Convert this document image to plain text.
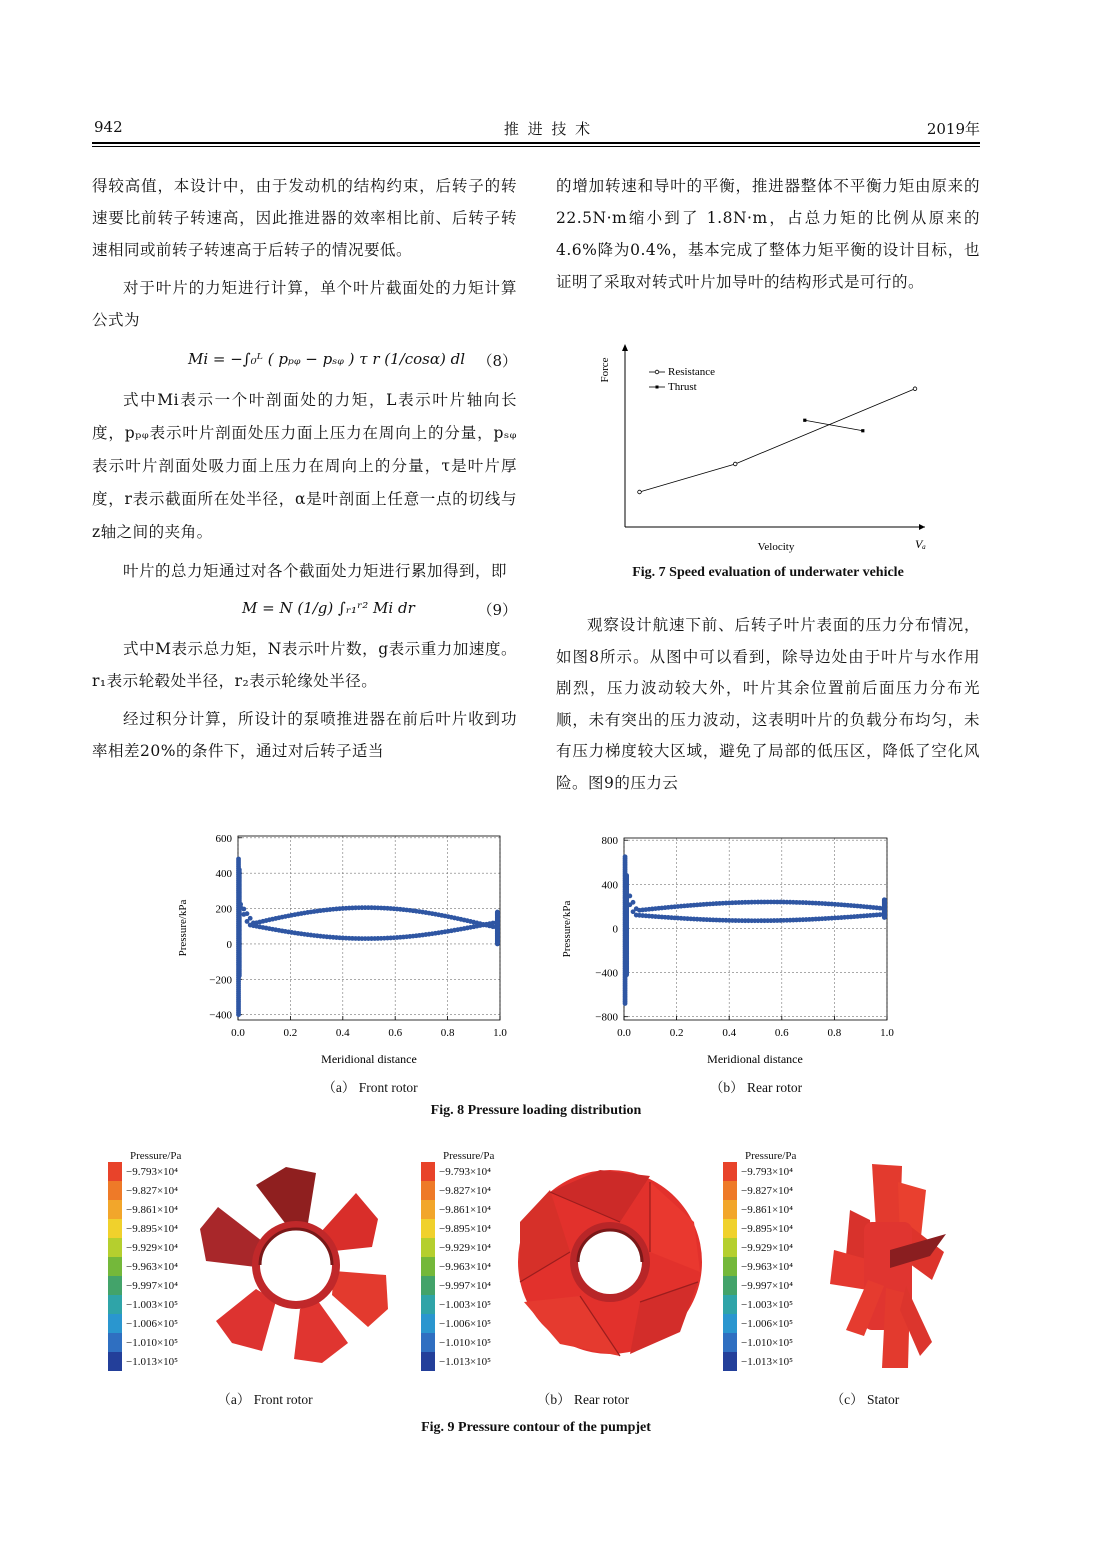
942	推 进 技 术	2019年

得较高值，本设计中，由于发动机的结构约束，后转子的转速要比前转子转速高，因此推进器的效率相比前、后转子转速相同或前转子转速高于后转子的情况要低。

对于叶片的力矩进行计算，单个叶片截面处的力矩计算公式为

Mi = −∫₀ᴸ ( pₚᵩ − pₛᵩ ) τ r (1/cosα) dl （8）

式中Mi表示一个叶剖面处的力矩，L表示叶片轴向长度，pₚᵩ表示叶片剖面处压力面上压力在周向上的分量，pₛᵩ表示叶片剖面处吸力面上压力在周向上的分量，τ是叶片厚度，r表示截面所在处半径，α是叶剖面上任意一点的切线与z轴之间的夹角。

叶片的总力矩通过对各个截面处力矩进行累加得到，即

M = N (1/g) ∫ᵣ₁ʳ² Mi dr	（9）

式中M表示总力矩，N表示叶片数，g表示重力加速度。r₁表示轮毂处半径，r₂表示轮缘处半径。

经过积分计算，所设计的泵喷推进器在前后叶片收到功率相差20%的条件下，通过对后转子适当

的增加转速和导叶的平衡，推进器整体不平衡力矩由原来的22.5N·m缩小到了 1.8N·m，占总力矩的比例从原来的4.6%降为0.4%，基本完成了整体力矩平衡的设计目标，也证明了采取对转式叶片加导叶的结构形式是可行的。

Force
Velocity	Vₐ
Resistance
Thrust
Fig. 7 Speed evaluation of underwater vehicle

观察设计航速下前、后转子叶片表面的压力分布情况，如图8所示。从图中可以看到，除导边处由于叶片与水作用剧烈，压力波动较大外，叶片其余位置前后面压力分布光顺，未有突出的压力波动，这表明叶片的负载分布均匀，未有压力梯度较大区域，避免了局部的低压区，降低了空化风险。图9的压力云

600
400
200
0
−200
−400
0.0	0.2	0.4	0.6	0.8	1.0
Pressure/kPa
Meridional distance
（a） Front rotor
800
400
0
−400
−800
0.0	0.2	0.4	0.6	0.8	1.0
Pressure/kPa
Meridional distance
（b） Rear rotor
Fig. 8 Pressure loading distribution
Pressure/Pa
−9.793×10⁴
−9.827×10⁴
−9.861×10⁴
−9.895×10⁴
−9.929×10⁴
−9.963×10⁴
−9.997×10⁴
−1.003×10⁵
−1.006×10⁵
−1.010×10⁵
−1.013×10⁵
Pressure/Pa
−9.793×10⁴
−9.827×10⁴
−9.861×10⁴
−9.895×10⁴
−9.929×10⁴
−9.963×10⁴
−9.997×10⁴
−1.003×10⁵
−1.006×10⁵
−1.010×10⁵
−1.013×10⁵
Pressure/Pa
−9.793×10⁴
−9.827×10⁴
−9.861×10⁴
−9.895×10⁴
−9.929×10⁴
−9.963×10⁴
−9.997×10⁴
−1.003×10⁵
−1.006×10⁵
−1.010×10⁵
−1.013×10⁵
（a） Front rotor	（b） Rear rotor	（c） Stator
Fig. 9 Pressure contour of the pumpjet
